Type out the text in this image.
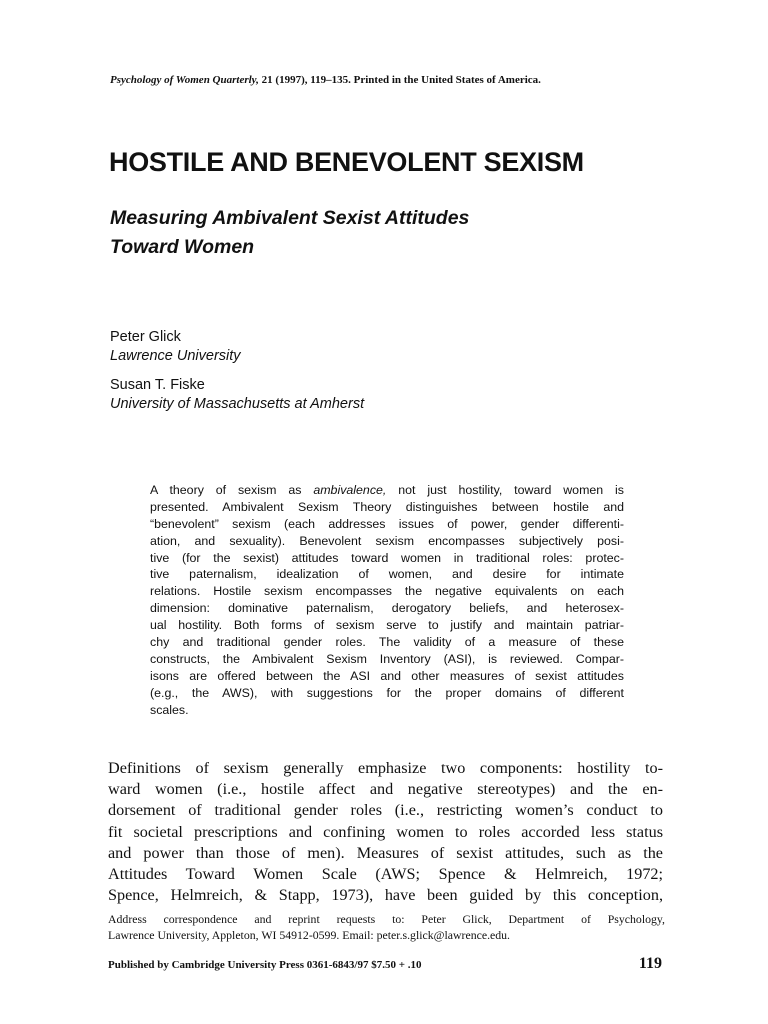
Psychology of Women Quarterly, 21 (1997), 119–135. Printed in the United States of America.
HOSTILE AND BENEVOLENT SEXISM
Measuring Ambivalent Sexist Attitudes
Toward Women
Peter Glick
Lawrence University
Susan T. Fiske
University of Massachusetts at Amherst
A theory of sexism as ambivalence, not just hostility, toward women is
presented. Ambivalent Sexism Theory distinguishes between hostile and
“benevolent” sexism (each addresses issues of power, gender differenti-
ation, and sexuality). Benevolent sexism encompasses subjectively posi-
tive (for the sexist) attitudes toward women in traditional roles: protec-
tive paternalism, idealization of women, and desire for intimate
relations. Hostile sexism encompasses the negative equivalents on each
dimension: dominative paternalism, derogatory beliefs, and heterosex-
ual hostility. Both forms of sexism serve to justify and maintain patriar-
chy and traditional gender roles. The validity of a measure of these
constructs, the Ambivalent Sexism Inventory (ASI), is reviewed. Compar-
isons are offered between the ASI and other measures of sexist attitudes
(e.g., the AWS), with suggestions for the proper domains of different
scales.
Definitions of sexism generally emphasize two components: hostility to-
ward women (i.e., hostile affect and negative stereotypes) and the en-
dorsement of traditional gender roles (i.e., restricting women’s conduct to
fit societal prescriptions and confining women to roles accorded less status
and power than those of men). Measures of sexist attitudes, such as the
Attitudes Toward Women Scale (AWS; Spence & Helmreich, 1972;
Spence, Helmreich, & Stapp, 1973), have been guided by this conception,
Address correspondence and reprint requests to: Peter Glick, Department of Psychology,
Lawrence University, Appleton, WI 54912-0599. Email: peter.s.glick@lawrence.edu.
Published by Cambridge University Press 0361-6843/97 $7.50 + .10	119
